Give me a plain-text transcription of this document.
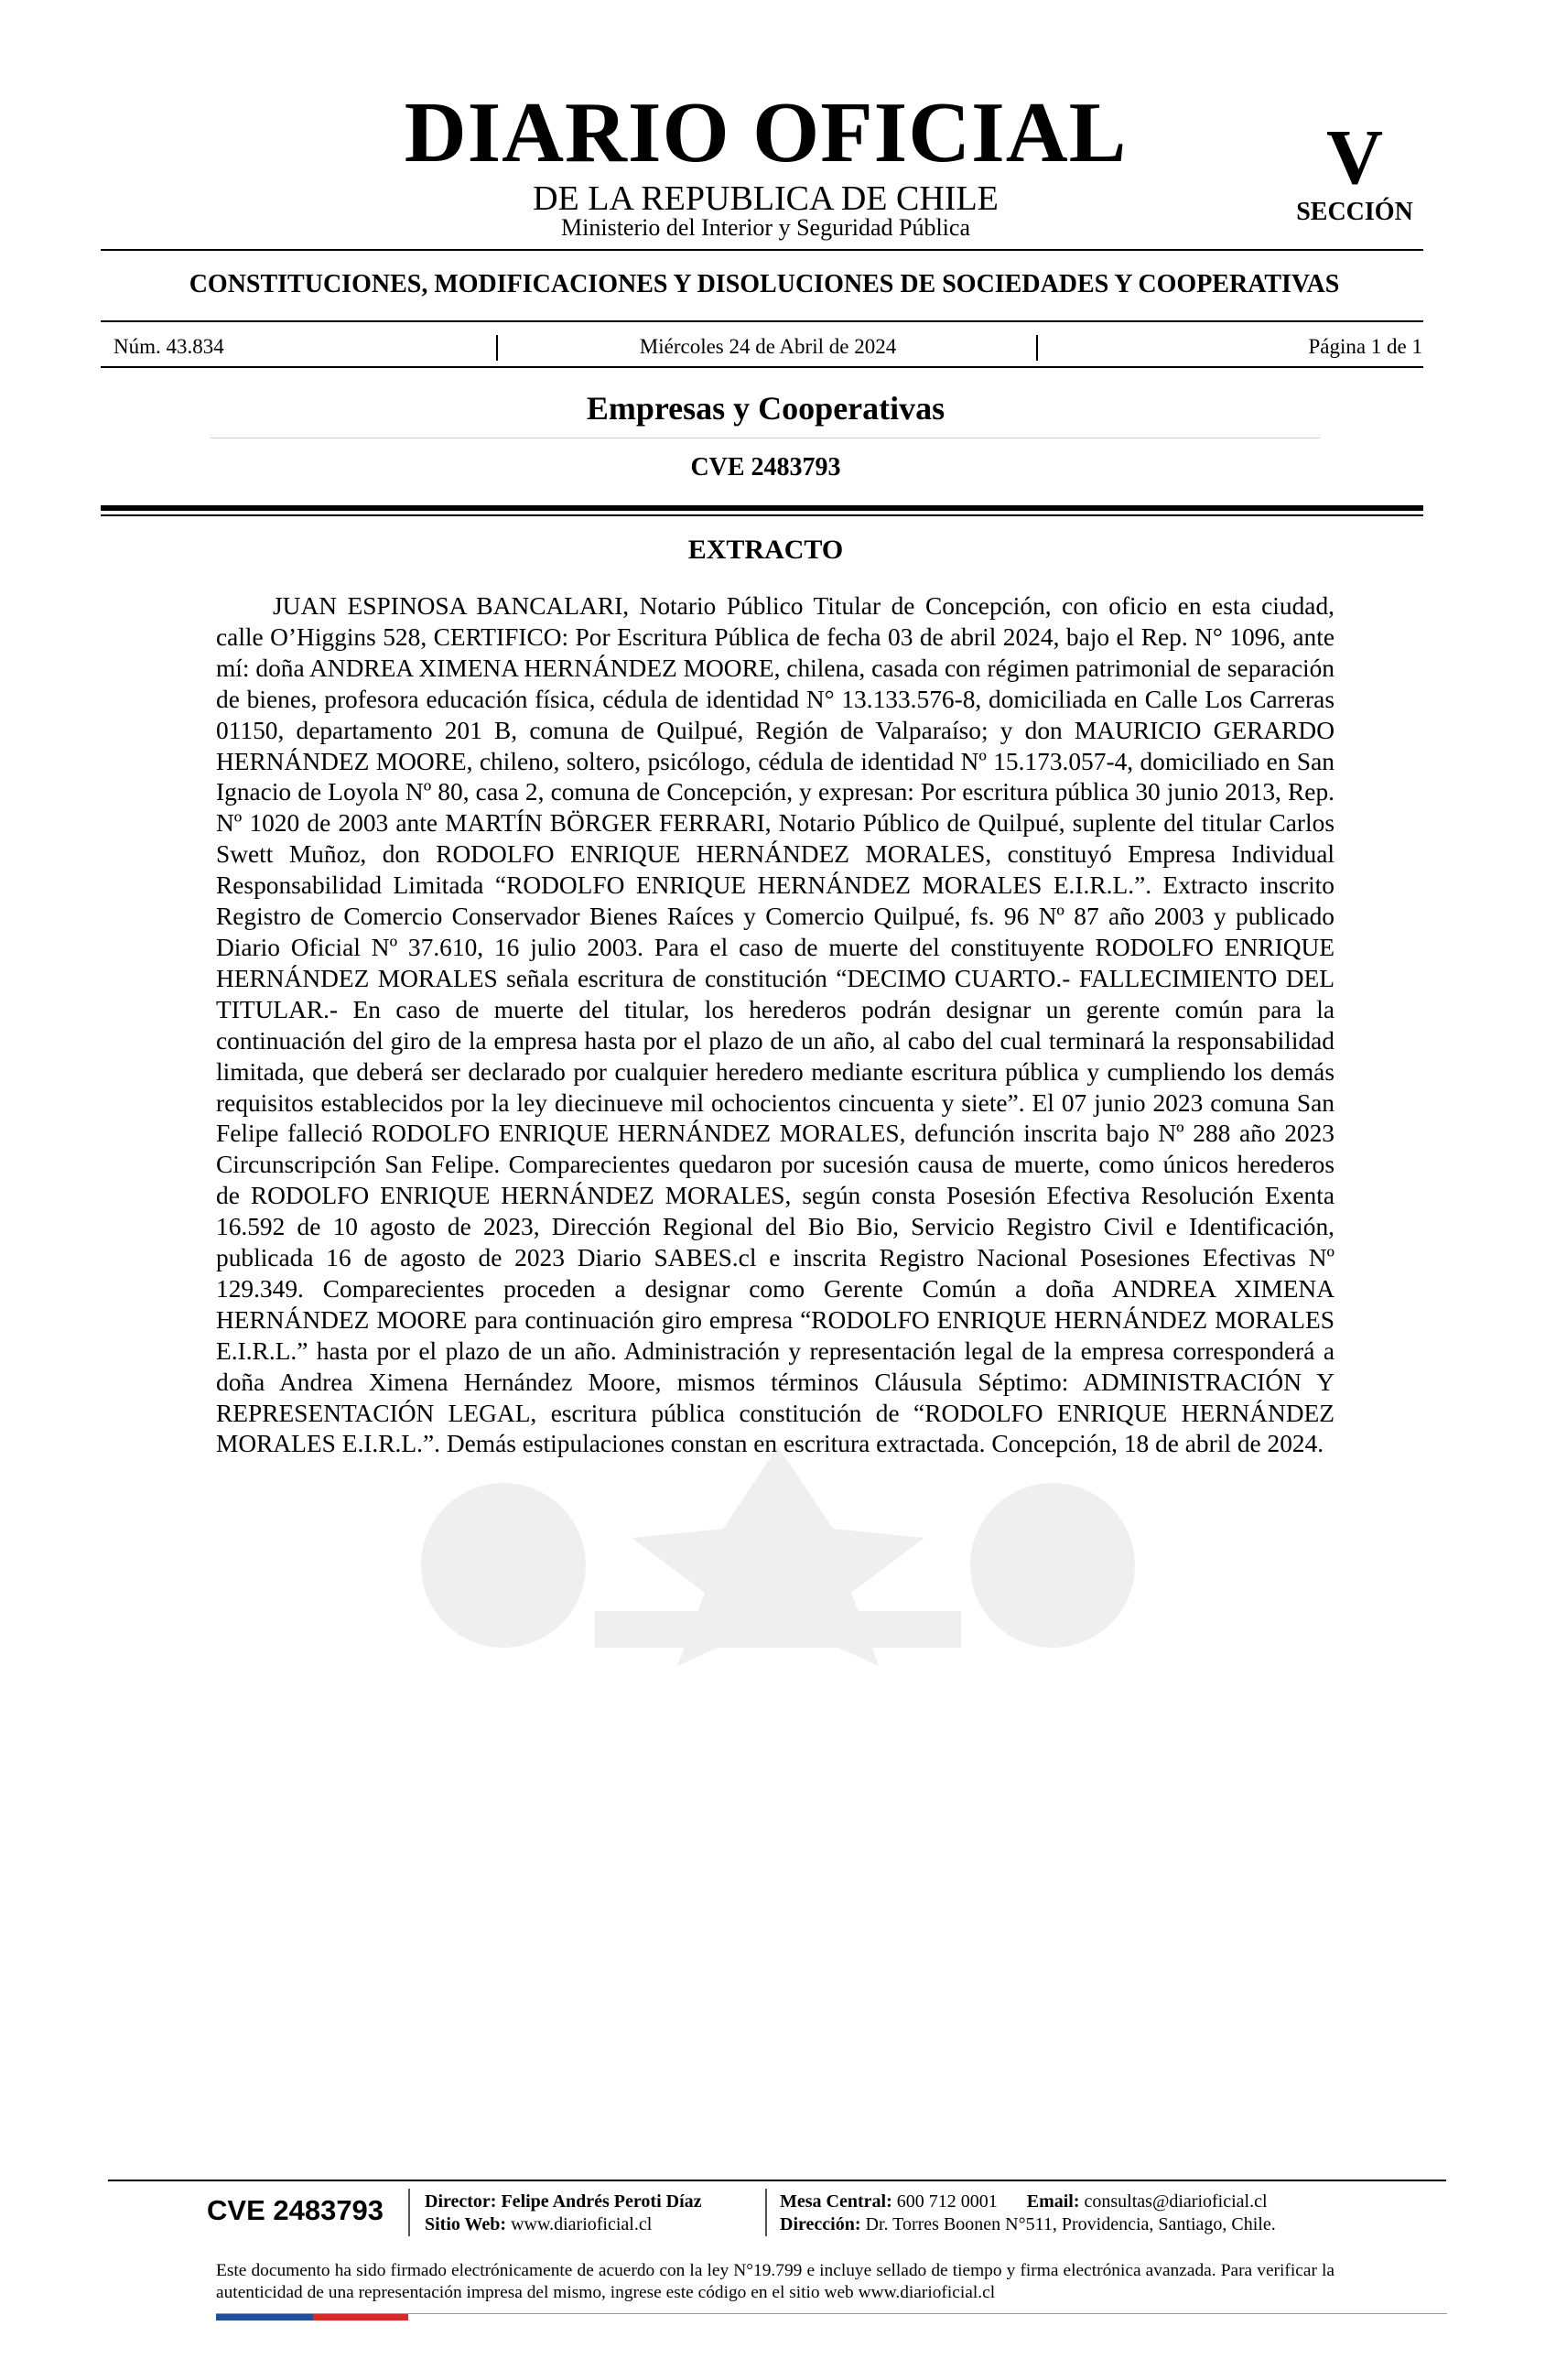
DIARIO OFICIAL
DE LA REPUBLICA DE CHILE
Ministerio del Interior y Seguridad Pública
V
SECCIÓN
CONSTITUCIONES, MODIFICACIONES Y DISOLUCIONES DE SOCIEDADES Y COOPERATIVAS
Núm. 43.834	Miércoles 24 de Abril de 2024	Página 1 de 1
Empresas y Cooperativas
CVE 2483793
EXTRACTO
JUAN ESPINOSA BANCALARI, Notario Público Titular de Concepción, con oficio en esta ciudad, calle O’Higgins 528, CERTIFICO: Por Escritura Pública de fecha 03 de abril 2024, bajo el Rep. N° 1096, ante mí: doña ANDREA XIMENA HERNÁNDEZ MOORE, chilena, casada con régimen patrimonial de separación de bienes, profesora educación física, cédula de identidad N° 13.133.576-8, domiciliada en Calle Los Carreras 01150, departamento 201 B, comuna de Quilpué, Región de Valparaíso; y don MAURICIO GERARDO HERNÁNDEZ MOORE, chileno, soltero, psicólogo, cédula de identidad Nº 15.173.057-4, domiciliado en San Ignacio de Loyola Nº 80, casa 2, comuna de Concepción, y expresan: Por escritura pública 30 junio 2013, Rep. Nº 1020 de 2003 ante MARTÍN BÖRGER FERRARI, Notario Público de Quilpué, suplente del titular Carlos Swett Muñoz, don RODOLFO ENRIQUE HERNÁNDEZ MORALES, constituyó Empresa Individual Responsabilidad Limitada “RODOLFO ENRIQUE HERNÁNDEZ MORALES E.I.R.L.”. Extracto inscrito Registro de Comercio Conservador Bienes Raíces y Comercio Quilpué, fs. 96 Nº 87 año 2003 y publicado Diario Oficial Nº 37.610, 16 julio 2003. Para el caso de muerte del constituyente RODOLFO ENRIQUE HERNÁNDEZ MORALES señala escritura de constitución “DECIMO CUARTO.- FALLECIMIENTO DEL TITULAR.- En caso de muerte del titular, los herederos podrán designar un gerente común para la continuación del giro de la empresa hasta por el plazo de un año, al cabo del cual terminará la responsabilidad limitada, que deberá ser declarado por cualquier heredero mediante escritura pública y cumpliendo los demás requisitos establecidos por la ley diecinueve mil ochocientos cincuenta y siete”. El 07 junio 2023 comuna San Felipe falleció RODOLFO ENRIQUE HERNÁNDEZ MORALES, defunción inscrita bajo Nº 288 año 2023 Circunscripción San Felipe. Comparecientes quedaron por sucesión causa de muerte, como únicos herederos de RODOLFO ENRIQUE HERNÁNDEZ MORALES, según consta Posesión Efectiva Resolución Exenta 16.592 de 10 agosto de 2023, Dirección Regional del Bio Bio, Servicio Registro Civil e Identificación, publicada 16 de agosto de 2023 Diario SABES.cl e inscrita Registro Nacional Posesiones Efectivas Nº 129.349. Comparecientes proceden a designar como Gerente Común a doña ANDREA XIMENA HERNÁNDEZ MOORE para continuación giro empresa “RODOLFO ENRIQUE HERNÁNDEZ MORALES E.I.R.L.” hasta por el plazo de un año. Administración y representación legal de la empresa corresponderá a doña Andrea Ximena Hernández Moore, mismos términos Cláusula Séptimo: ADMINISTRACIÓN Y REPRESENTACIÓN LEGAL, escritura pública constitución de “RODOLFO ENRIQUE HERNÁNDEZ MORALES E.I.R.L.”. Demás estipulaciones constan en escritura extractada. Concepción, 18 de abril de 2024.
CVE 2483793 Director: Felipe Andrés Peroti Díaz
Sitio Web: www.diarioficial.cl
Mesa Central: 600 712 0001 Email: consultas@diarioficial.cl
Dirección: Dr. Torres Boonen N°511, Providencia, Santiago, Chile.
Este documento ha sido firmado electrónicamente de acuerdo con la ley N°19.799 e incluye sellado de tiempo y firma electrónica avanzada. Para verificar la autenticidad de una representación impresa del mismo, ingrese este código en el sitio web www.diarioficial.cl
